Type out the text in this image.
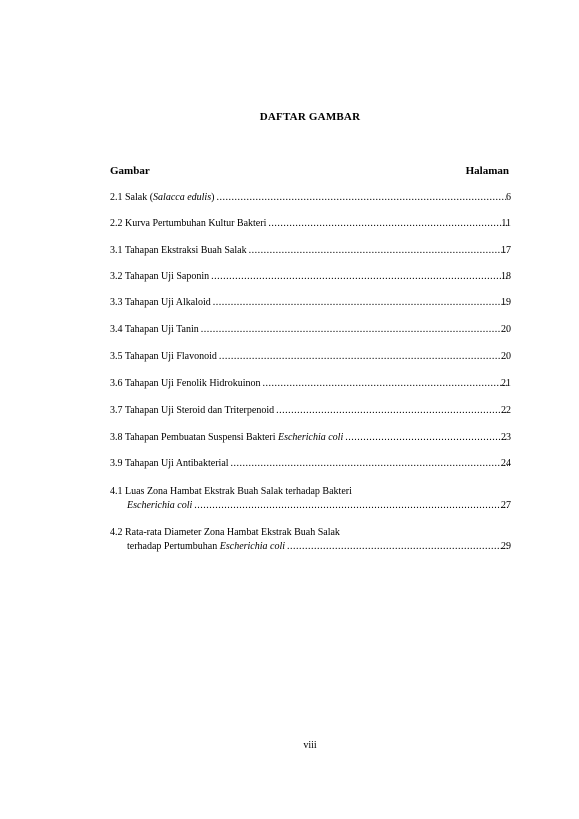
DAFTAR GAMBAR
Gambar	Halaman
2.1 Salak (Salacca edulis) .....	6
2.2 Kurva Pertumbuhan Kultur Bakteri .....	11
3.1 Tahapan Ekstraksi Buah Salak .....	17
3.2 Tahapan Uji Saponin .....	18
3.3 Tahapan Uji Alkaloid .....	19
3.4 Tahapan Uji Tanin .....	20
3.5 Tahapan Uji Flavonoid .....	20
3.6 Tahapan Uji Fenolik Hidrokuinon .....	21
3.7 Tahapan Uji Steroid dan Triterpenoid .....	22
3.8 Tahapan Pembuatan Suspensi Bakteri Escherichia coli .....	23
3.9 Tahapan Uji Antibakterial .....	24
4.1 Luas Zona Hambat Ekstrak Buah Salak terhadap Bakteri
Escherichia coli .....	27
4.2 Rata-rata Diameter Zona Hambat Ekstrak Buah Salak
terhadap Pertumbuhan Escherichia coli .....	29
viii
